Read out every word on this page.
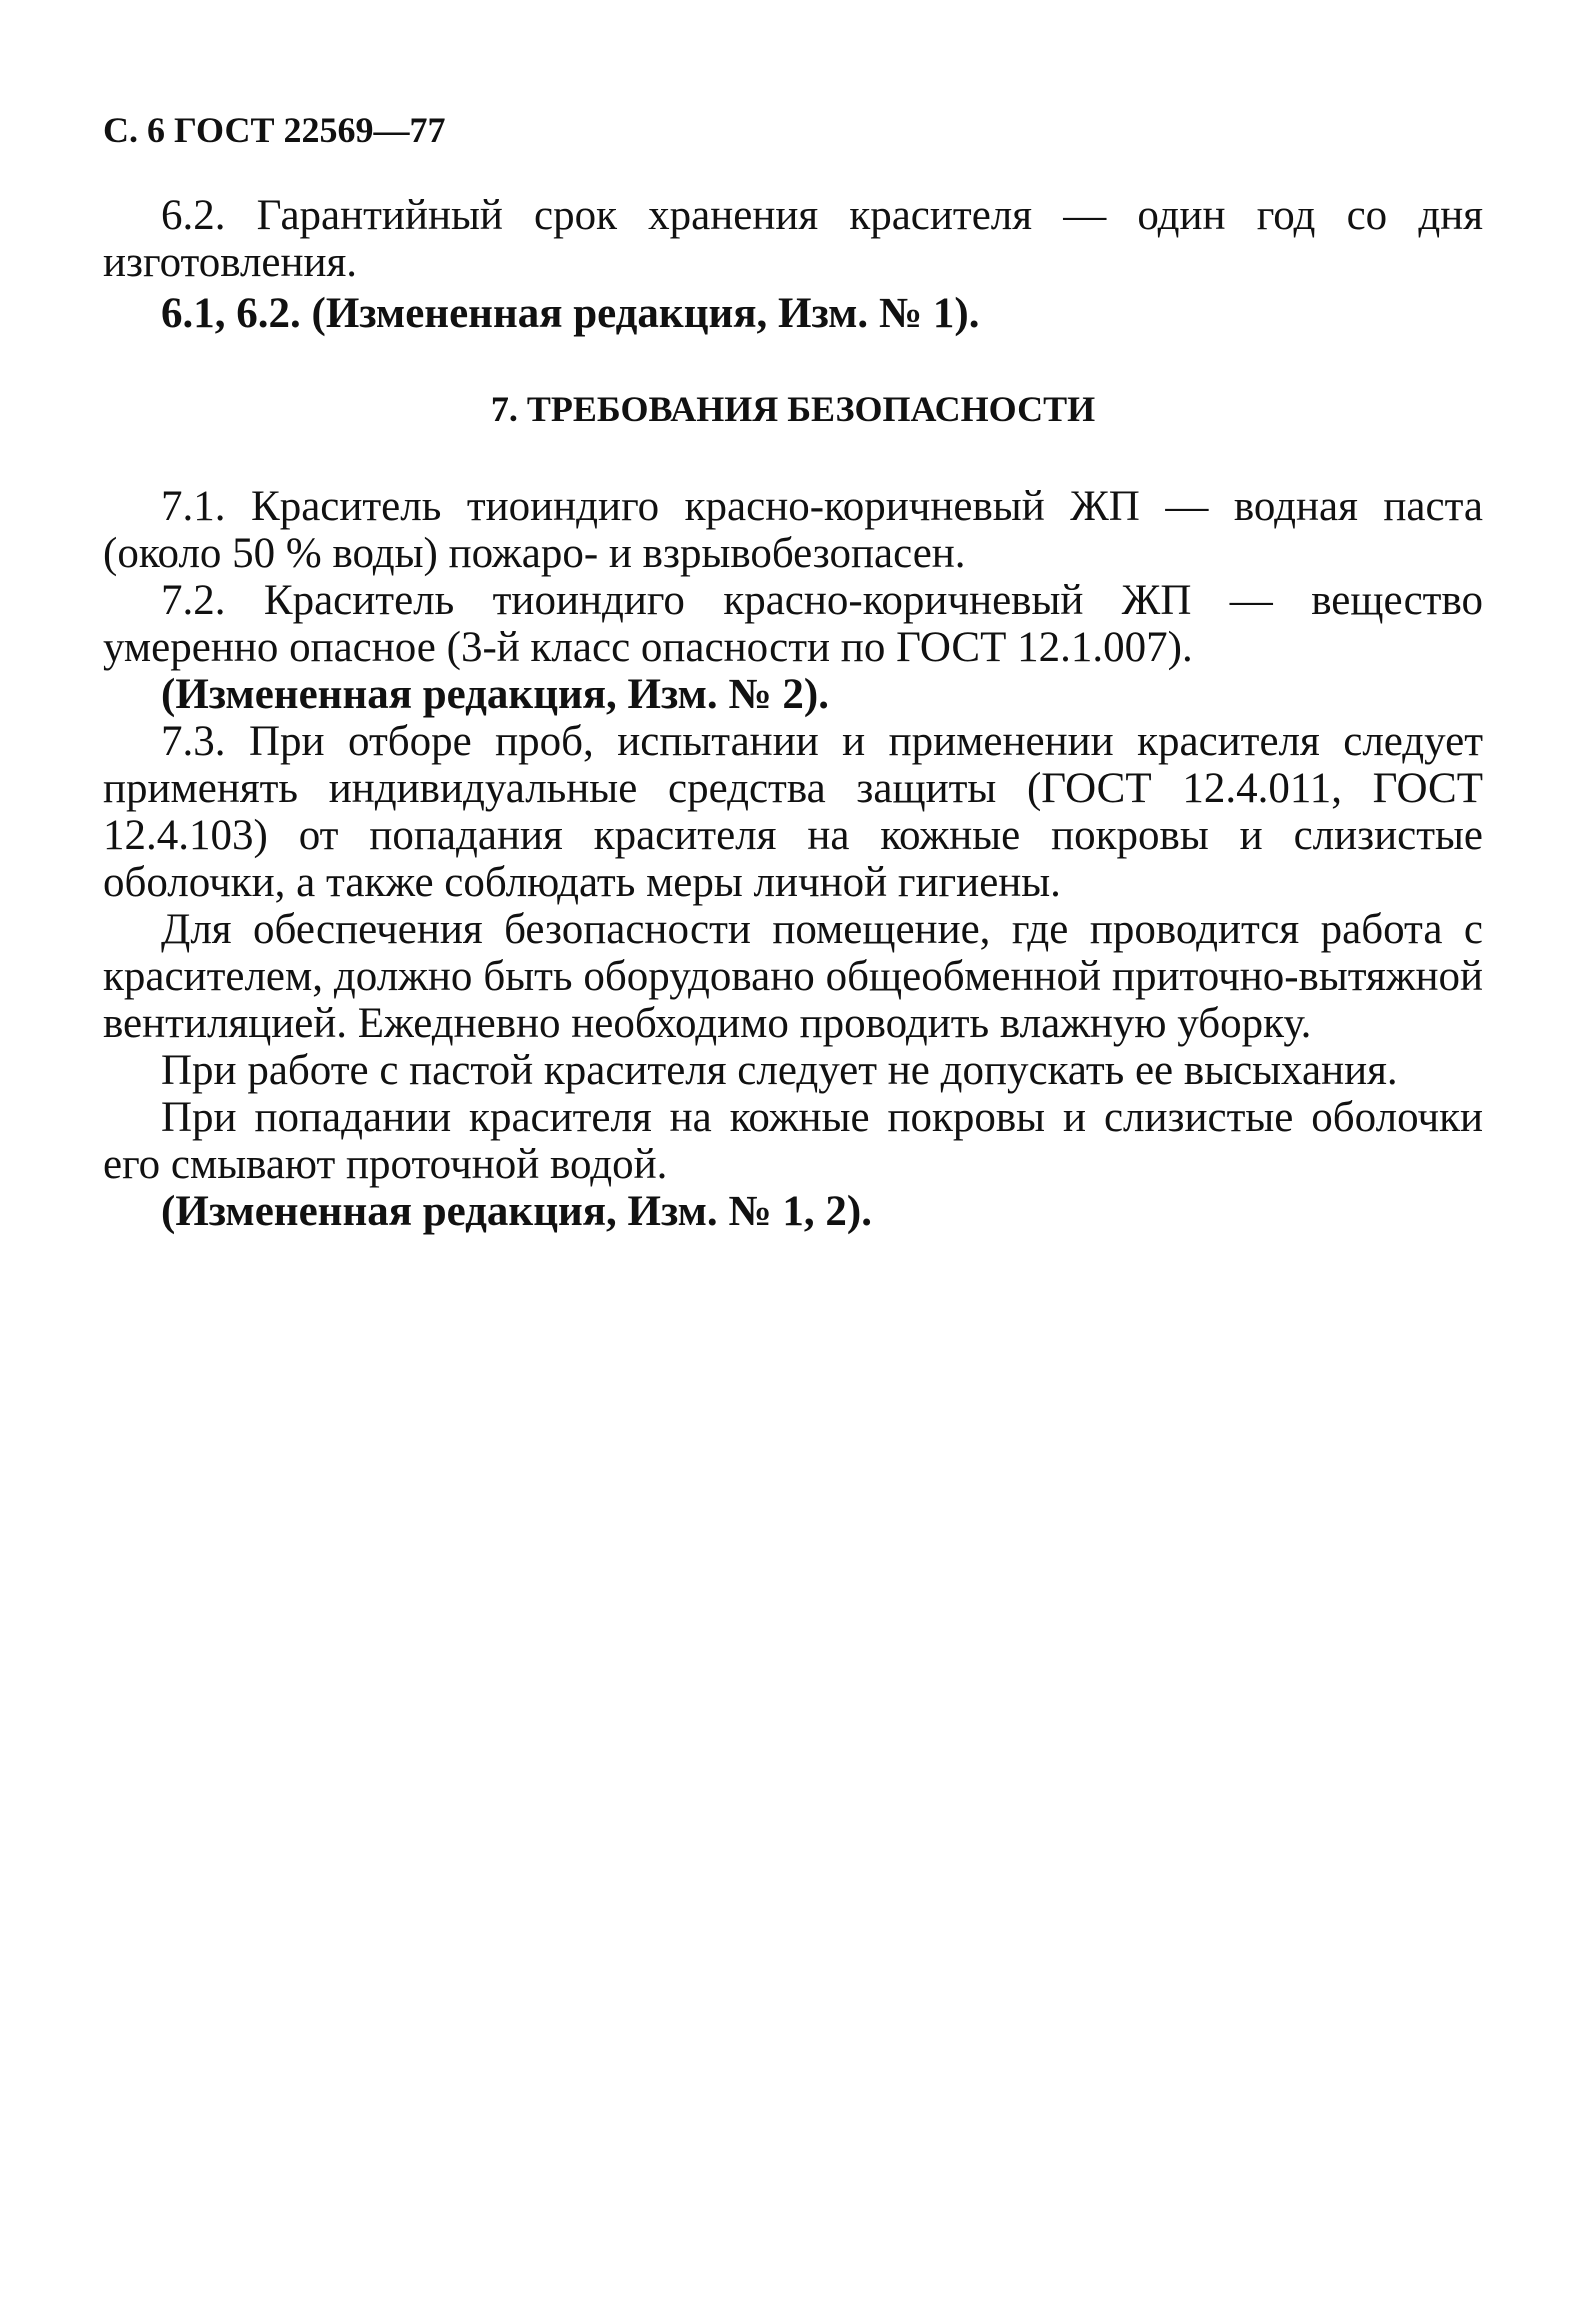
С. 6 ГОСТ 22569—77

6.2. Гарантийный срок хранения красителя — один год со дня изготовления.

6.1, 6.2. (Измененная редакция, Изм. № 1).

7. ТРЕБОВАНИЯ БЕЗОПАСНОСТИ

7.1. Краситель тиоиндиго красно-коричневый ЖП — водная паста (около 50 % воды) пожаро- и взрывобезопасен.

7.2. Краситель тиоиндиго красно-коричневый ЖП — вещество умеренно опасное (3-й класс опасности по ГОСТ 12.1.007).

(Измененная редакция, Изм. № 2).

7.3. При отборе проб, испытании и применении красителя следует применять индивидуальные средства защиты (ГОСТ 12.4.011, ГОСТ 12.4.103) от попадания красителя на кожные покровы и слизистые оболочки, а также соблюдать меры личной гигиены.

Для обеспечения безопасности помещение, где проводится работа с красителем, должно быть оборудовано общеобменной приточно-вытяжной вентиляцией. Ежедневно необходимо проводить влажную уборку.

При работе с пастой красителя следует не допускать ее высыхания.

При попадании красителя на кожные покровы и слизистые оболочки его смывают проточной водой.

(Измененная редакция, Изм. № 1, 2).
